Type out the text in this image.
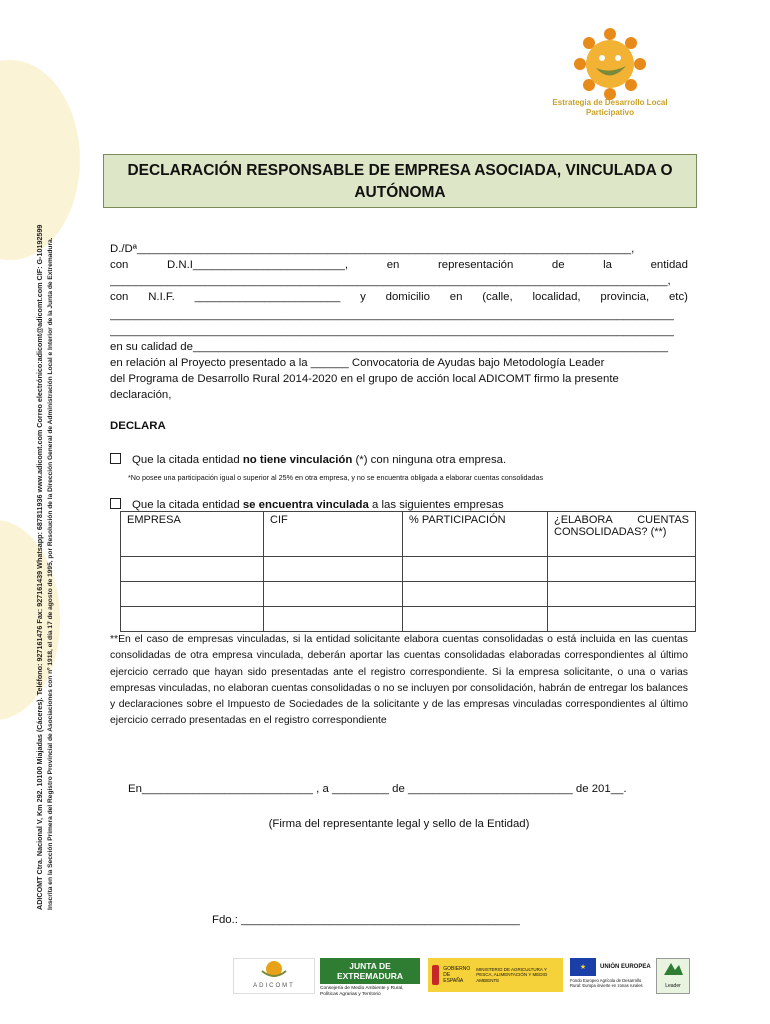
ADICOMT Ctra. Nacional V, Km 292. 10100 Miajadas (Cáceres). Teléfono: 927161476 Fax: 927161439 Whatsapp: 687811936 www.adicomt.com Correo electrónico:adicomt@adicomt.com CIF: G-10192599 Inscrita en la Sección Primera del Registro Provincial de Asociaciones con nº 1918, el día 17 de agosto de 1995, por Resolución de la Dirección General de Administración Local e Interior de la Junta de Extremadura.
Estrategia de Desarrollo Local
Participativo
DECLARACIÓN RESPONSABLE DE EMPRESA ASOCIADA, VINCULADA O
AUTÓNOMA
D./Dª______________________________________________________________________________,
con	D.N.I________________________,	en	representación	de	la	entidad
________________________________________________________________________________________,
con N.I.F. _______________________ y domicilio en (calle, localidad, provincia, etc)
_________________________________________________________________________________________
_________________________________________________________________________________________
en su calidad de___________________________________________________________________________
en relación al Proyecto presentado a la ______ Convocatoria de Ayudas bajo Metodología Leader
del Programa de Desarrollo Rural 2014-2020 en el grupo de acción local ADICOMT firmo la presente
declaración,
DECLARA
Que la citada entidad no tiene vinculación (*) con ninguna otra empresa.
*No posee una participación igual o superior al 25% en otra empresa, y no se encuentra obligada a elaborar cuentas consolidadas
Que la citada entidad se encuentra vinculada a las siguientes empresas
EMPRESA	CIF	% PARTICIPACIÓN	¿ELABORA CUENTAS CONSOLIDADAS? (**)

**En el caso de empresas vinculadas, si la entidad solicitante elabora cuentas consolidadas o está incluida en las cuentas consolidadas de otra empresa vinculada, deberán aportar las cuentas consolidadas elaboradas correspondientes al último ejercicio cerrado que hayan sido presentadas ante el registro correspondiente. Si la empresa solicitante, o una o varias empresas vinculadas, no elaboran cuentas consolidadas o no se incluyen por consolidación, habrán de entregar los balances y declaraciones sobre el Impuesto de Sociedades de la solicitante y de las empresas vinculadas correspondientes al último ejercicio cerrado presentadas en el registro correspondiente
En___________________________ , a _________ de __________________________ de 201__.
(Firma del representante legal y sello de la Entidad)
Fdo.: ____________________________________________
ADICOMT
JUNTA DE EXTREMADURA
Consejería de Medio Ambiente y Rural, Políticas Agrarias y Territorio
GOBIERNO DE ESPAÑA
MINISTERIO DE AGRICULTURA Y PESCA, ALIMENTACIÓN Y MEDIO AMBIENTE
★	UNIÓN EUROPEA
Fondo Europeo Agrícola de Desarrollo Rural: Europa invierte en zonas rurales	Leader
